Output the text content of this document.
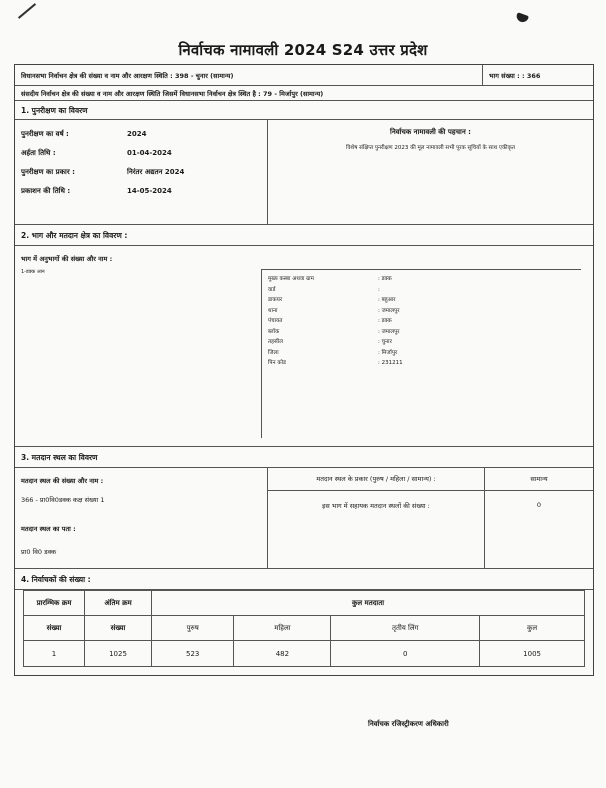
निर्वाचक नामावली 2024 S24 उत्तर प्रदेश
विधानसभा निर्वाचन क्षेत्र की संख्या व नाम और आरक्षण स्थिति : 398 - चुनार (सामान्य)	भाग संख्या : : 366
संसदीय निर्वाचन क्षेत्र की संख्या व नाम और आरक्षण स्थिति जिसमें विधानसभा निर्वाचन क्षेत्र स्थित है : 79 - मिर्जापुर (सामान्य)
1. पुनरीक्षण का विवरण
पुनरीक्षण का वर्ष :	2024
अर्हता तिथि :	01-04-2024
पुनरीक्षण का प्रकार :	निरंतर अद्यतन 2024
प्रकाशन की तिथि :	14-05-2024
निर्वाचक नामावली की पहचान :
विशेष संक्षिप्त पुनरीक्षण 2023 की मूल नामावली सभी पूरक सूचियों के साथ एकीकृत
2. भाग और मतदान क्षेत्र का विवरण :
भाग में अनुभागों की संख्या और नाम :
1-डक्क आन
मुख्य कस्बा अथवा ग्राम	: डक्क
वार्ड	:
डाकघर	: बहुआर
थाना	: जमालपुर
पंचायत	: डक्क
ब्लॉक	: जमालपुर
तहसील	: चुनार
जिला	: मिर्जापुर
पिन कोड	: 231211
3. मतदान स्थल का विवरण
मतदान स्थल की संख्या और नाम :
366 - प्रा0वि0डक्क कक्ष संख्या 1
मतदान स्थल का पता :
प्रा0 वि0 डक्क
मतदान स्थल के प्रकार (पुरुष / महिला / सामान्य) :	सामान्य
इस भाग में सहायक मतदान स्थलों की संख्या :	0
4. निर्वाचकों की संख्या :
प्रारम्भिक क्रम	अंतिम क्रम	कुल मतदाता			
संख्या	संख्या	पुरुष	महिला	तृतीय लिंग	कुल
1	1025	523	482	0	1005
निर्वाचक रजिस्ट्रीकरण अधिकारी
